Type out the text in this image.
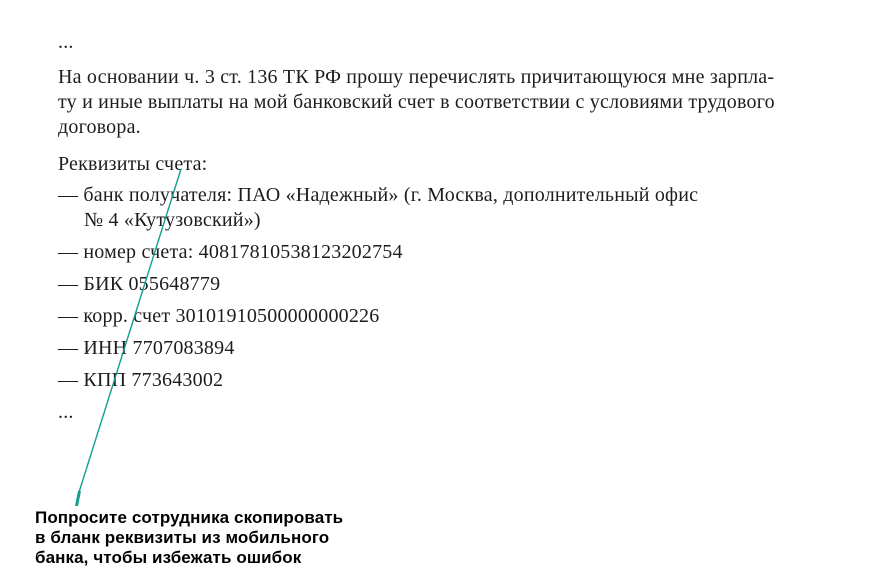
...
На основании ч. 3 ст. 136 ТК РФ прошу перечислять причитающуюся мне зарпла-
ту и иные выплаты на мой банковский счет в соответствии с условиями трудового
договора.
Реквизиты счета:
— банк получателя: ПАО «Надежный» (г. Москва, дополнительный офис
№ 4 «Кутузовский»)
— номер счета: 40817810538123202754
— БИК 055648779
— корр. счет 30101910500000000226
— ИНН 7707083894
— КПП 773643002
...
Попросите сотрудника скопировать
в бланк реквизиты из мобильного
банка, чтобы избежать ошибок
